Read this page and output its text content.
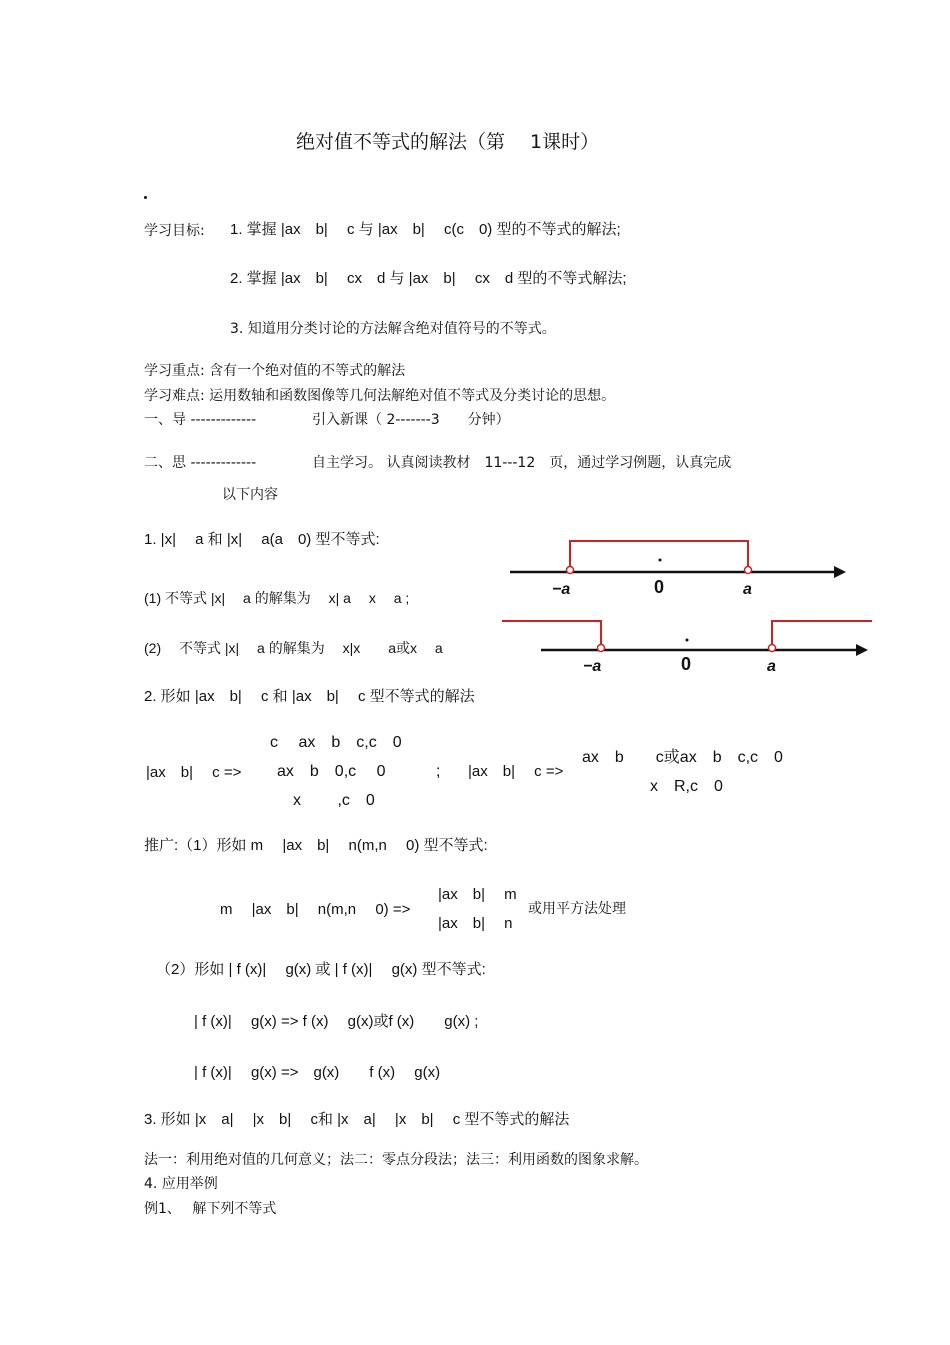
绝对值不等式的解法（第　 1课时）
学习目标: 1. 掌握 |ax　b|　 c 与 |ax　b|　 c(c　0) 型的不等式的解法;
2. 掌握 |ax　b|　 cx　d 与 |ax　b|　 cx　d 型的不等式解法;
3. 知道用分类讨论的方法解含绝对值符号的不等式。
学习重点: 含有一个绝对值的不等式的解法
学习难点: 运用数轴和函数图像等几何法解绝对值不等式及分类讨论的思想。
一、导 -------------	引入新课（ 2-------3　　分钟）
二、思 -------------	自主学习。 认真阅读教材　11---12　页，通过学习例题，认真完成
以下内容
1. |x|　 a 和 |x|　 a(a　0) 型不等式:
(1) 不等式 |x|　 a 的解集为　 x| a　 x　 a ;
(2)　 不等式 |x|　 a 的解集为　 x|x　　a或x　 a
−a	0	a
−a	0	a
2. 形如 |ax　b|　 c 和 |ax　b|　 c 型不等式的解法
|ax　b|　 c =>
c　 ax　b　c,c　0
ax　b　0,c　 0
x　　 ,c　0
; |ax　b|　 c =>
ax　b　　c或ax　b　c,c　0
x　R,c　0
推广:（1）形如 m　 |ax　b|　 n(m,n　 0) 型不等式:
m　 |ax　b|　 n(m,n　 0) =>
|ax　b|　 m
|ax　b|　 n
或用平方法处理
（2）形如 | f (x)|　 g(x) 或 | f (x)|　 g(x) 型不等式:
| f (x)|　 g(x) => f (x)　 g(x)或f (x)　　g(x) ;
| f (x)|　 g(x) =>　g(x)　　f (x)　 g(x)
3. 形如 |x　a|　 |x　b|　 c和 |x　a|　 |x　b|　 c 型不等式的解法
法一：利用绝对值的几何意义；法二：零点分段法；法三：利用函数的图象求解。
4. 应用举例
例1、　 解下列不等式
